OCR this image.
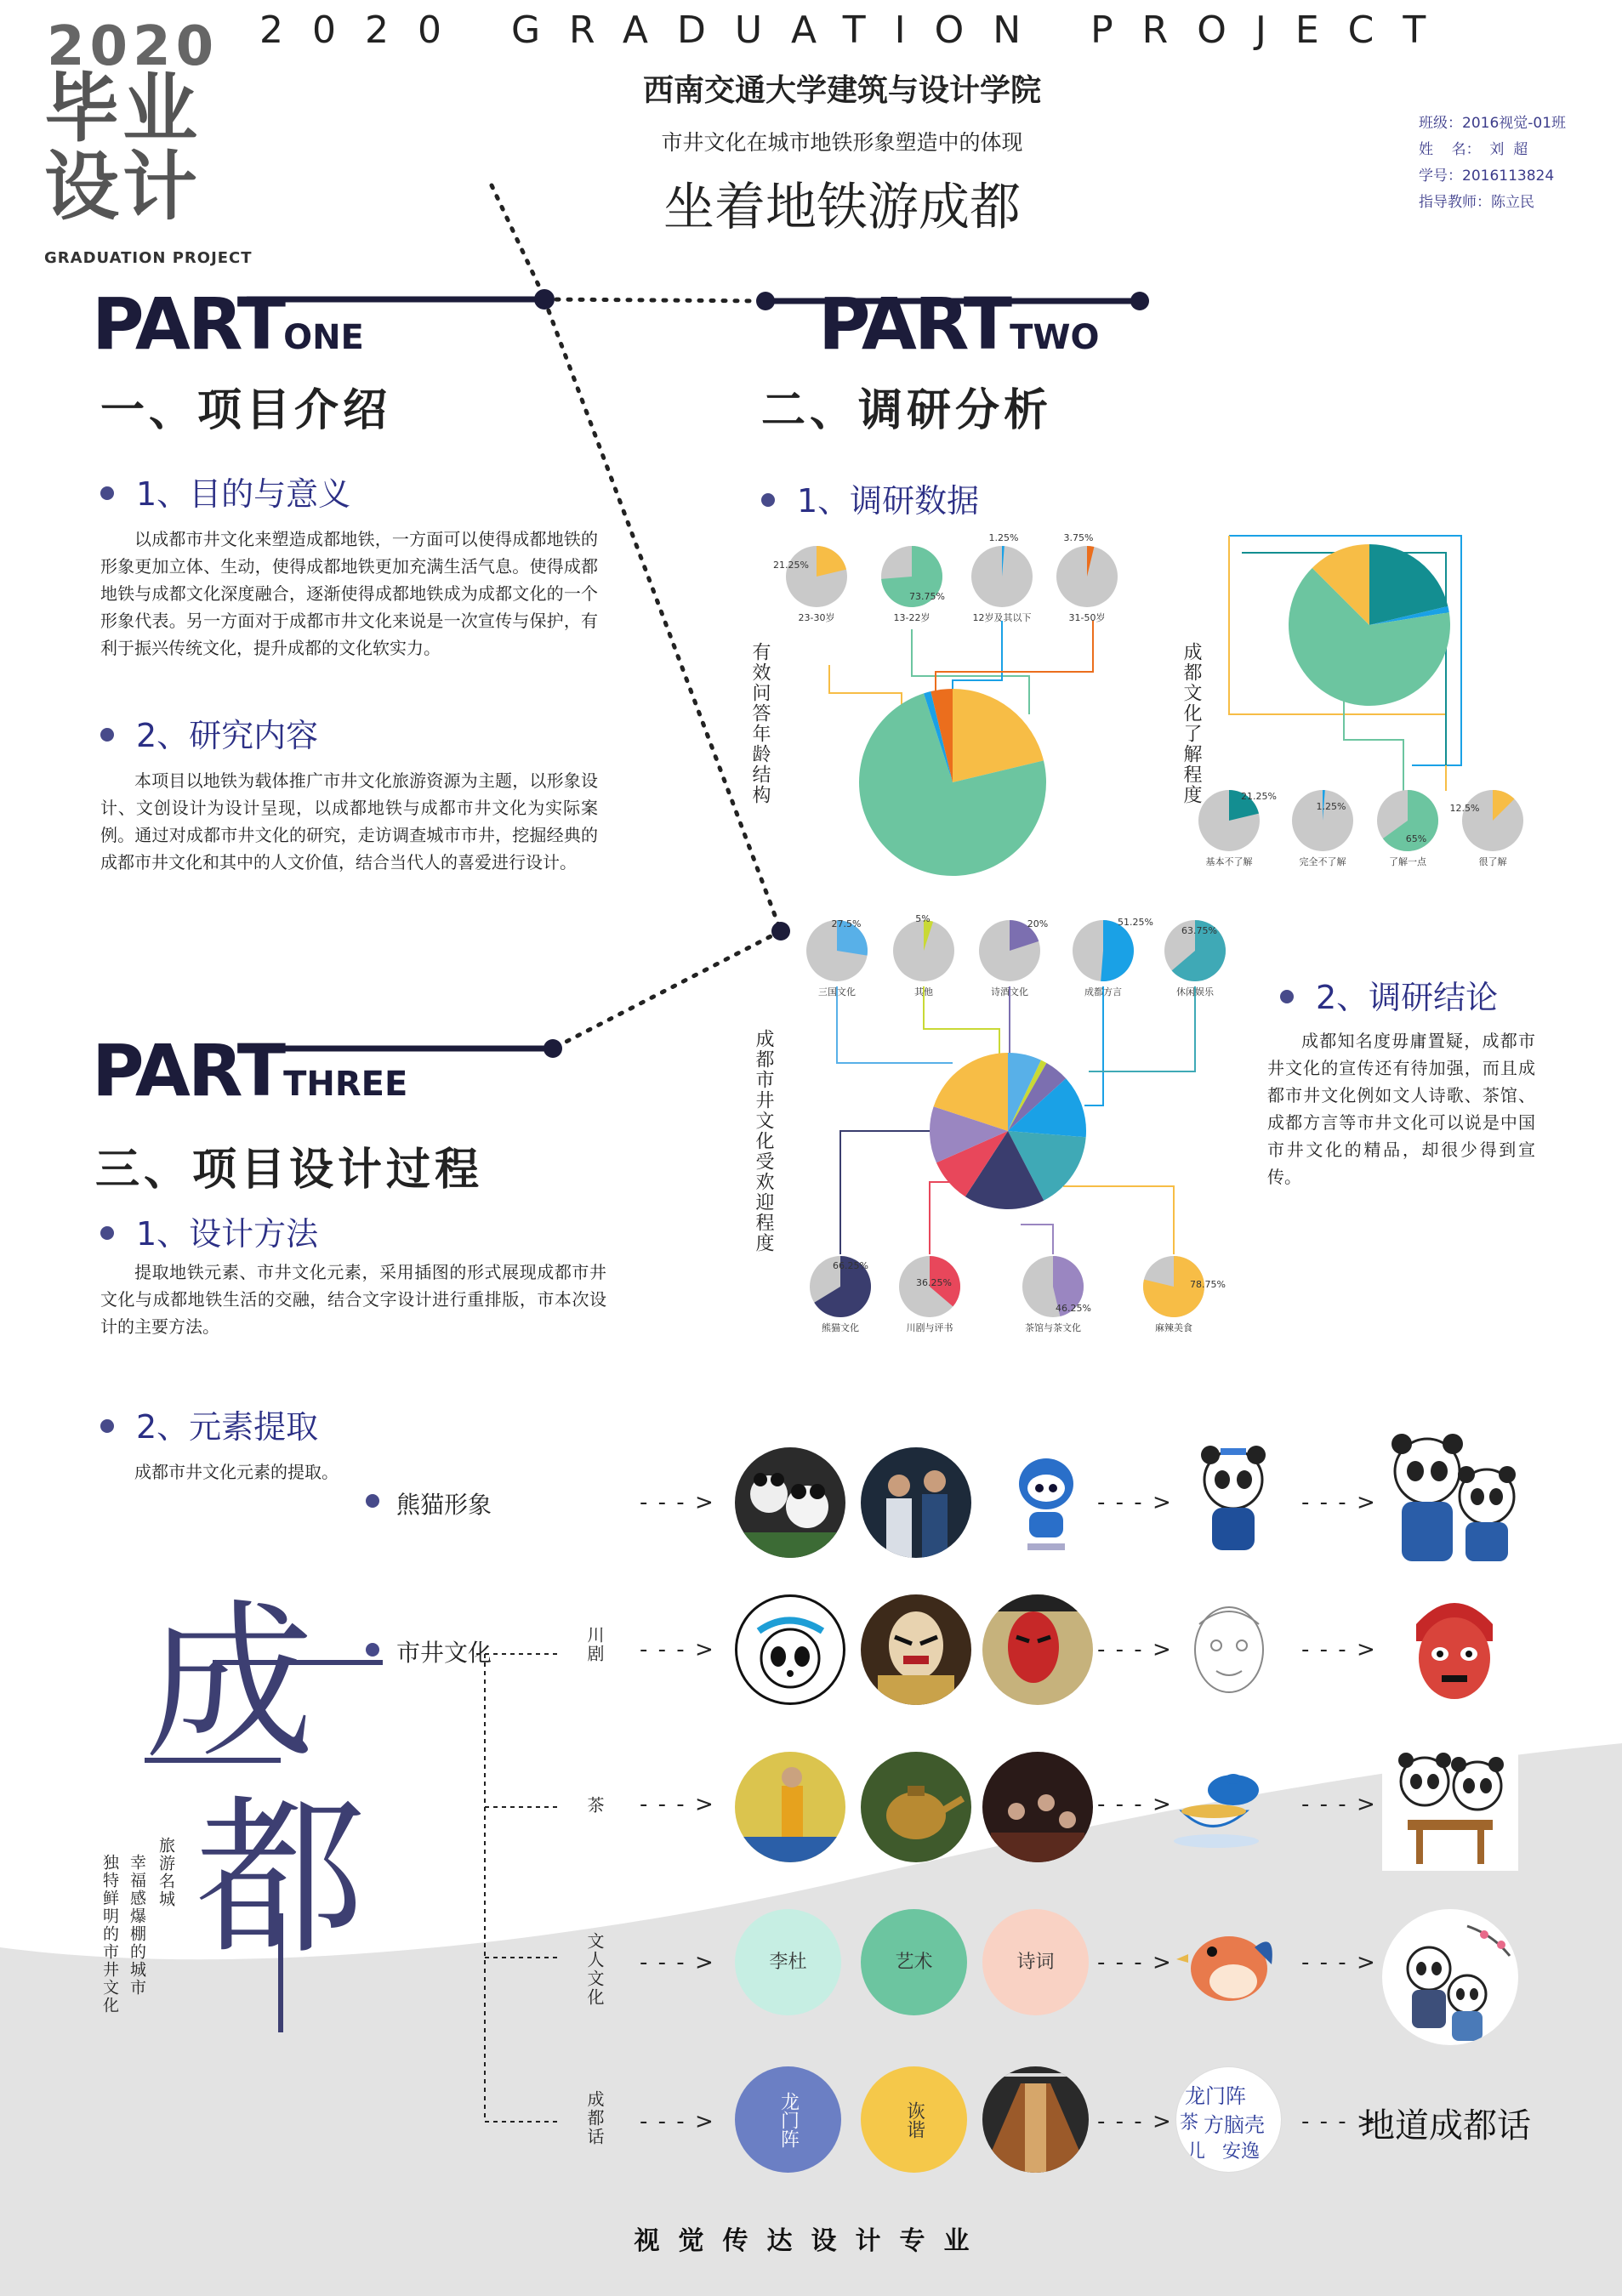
2020
毕业设计
GRADUATION PROJECT
2020 GRADUATION PROJECT
西南交通大学建筑与设计学院
市井文化在城市地铁形象塑造中的体现
坐着地铁游成都
班级：2016视觉-01班
姓    名：  刘  超
学号：2016113824
指导教师：陈立民
PARTONE
一、项目介绍
1、目的与意义
以成都市井文化来塑造成都地铁，一方面可以使得成都地铁的形象更加立体、生动，使得成都地铁更加充满生活气息。使得成都地铁与成都文化深度融合，逐渐使得成都地铁成为成都文化的一个形象代表。另一方面对于成都市井文化来说是一次宣传与保护，有利于振兴传统文化，提升成都的文化软实力。
2、研究内容
本项目以地铁为载体推广市井文化旅游资源为主题，以形象设计、文创设计为设计呈现，以成都地铁与成都市井文化为实际案例。通过对成都市井文化的研究，走访调查城市市井，挖掘经典的成都市井文化和其中的人文价值，结合当代人的喜爱进行设计。
PARTTWO
二、调研分析
1、调研数据
21.25%
23-30岁
73.75%
13-22岁
1.25%
12岁及其以下
3.75%
31-50岁
21.25%
基本不了解
1.25%
完全不了解
65%
了解一点
12.5%
很了解
27.5%
三国文化
5%
其他
20%
诗酒文化
51.25%
成都方言
63.75%
休闲娱乐
66.25%
熊猫文化
36.25%
川剧与评书
46.25%
茶馆与茶文化
78.75%
麻辣美食
有效问答年龄结构	成都文化了解程度
成都市井文化受欢迎程度
2、调研结论
成都知名度毋庸置疑，成都市井文化的宣传还有待加强，而且成都市井文化例如文人诗歌、茶馆、成都方言等市井文化可以说是中国市井文化的精品，却很少得到宣传。
PARTTHREE
三、项目设计过程
1、设计方法
提取地铁元素、市井文化元素，采用插图的形式展现成都市井文化与成都地铁生活的交融，结合文字设计进行重排版，市本次设计的主要方法。
2、元素提取
成都市井文化元素的提取。
熊猫形象
市井文化	川剧
茶
文人文化
成都话
- - - >
- - - >
- - - >
- - - >
- - - >
- - - >	- - - >
- - - >	- - - >
- - - >	- - - >
- - - >	- - - >
- - - >	- - - >
李杜	艺术	诗词
龙门阵	诙谐
龙门阵
方脑壳
安逸
儿
茶	地道成都话
成
都
旅游名城
幸福感爆棚的城市
独特鲜明的市井文化
视觉传达设计专业
